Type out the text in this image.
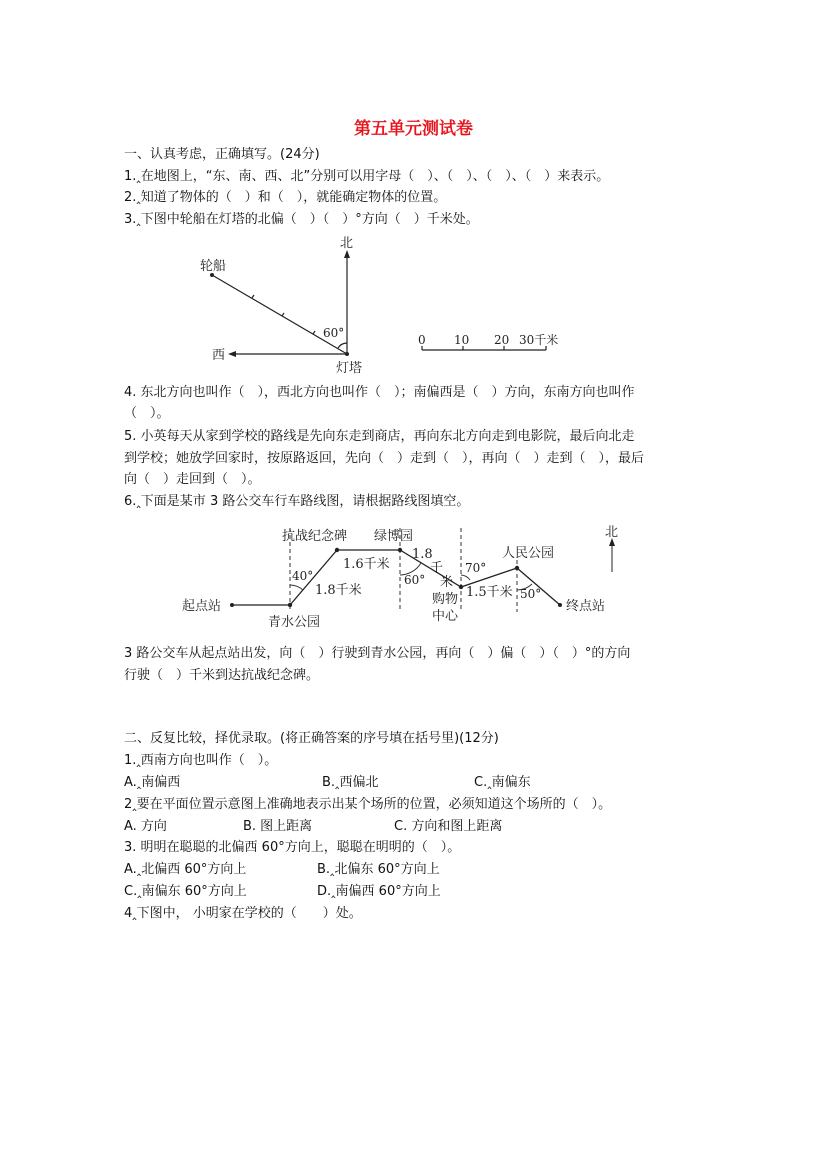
第五单元测试卷
一、认真考虑，正确填写。(24分)
1.‸在地图上，“东、南、西、北”分别可以用字母（　）、（　）、（　）、（　）来表示。
2.‸知道了物体的（　）和（　），就能确定物体的位置。
3.‸下图中轮船在灯塔的北偏（　）（　）°方向（　）千米处。
北
轮船
西
灯塔
60°	0 10 20 30千米
4. 东北方向也叫作（　），西北方向也叫作（　）；南偏西是（　）方向，东南方向也叫作
（　）。
5. 小英每天从家到学校的路线是先向东走到商店，再向东北方向走到电影院，最后向北走
到学校；她放学回家时，按原路返回，先向（　）走到（　），再向（　）走到（　），最后
向（　）走回到（　）。
6.‸下面是某市 3 路公交车行车路线图，请根据路线图填空。
起点站
青水公园
抗战纪念碑 绿博园
购物
中心
人民公园
终点站
北
1.8千米
1.6千米
1.8
千
米
1.5千米
40°	60°
70°
50°
3 路公交车从起点站出发，向（　）行驶到青水公园，再向（　）偏（　）（　）°的方向
行驶（　）千米到达抗战纪念碑。
二、反复比较，择优录取。(将正确答案的序号填在括号里)(12分)
1.‸西南方向也叫作（　）。
A.‸南偏西	B.‸西偏北	C.‸南偏东
2‸要在平面位置示意图上准确地表示出某个场所的位置，必须知道这个场所的（　）。
A. 方向	B. 图上距离	C. 方向和图上距离
3. 明明在聪聪的北偏西 60°方向上，聪聪在明明的（　）。
A.‸北偏西 60°方向上	B.‸北偏东 60°方向上
C.‸南偏东 60°方向上	D.‸南偏西 60°方向上
4‸下图中， 小明家在学校的（　　）处。
